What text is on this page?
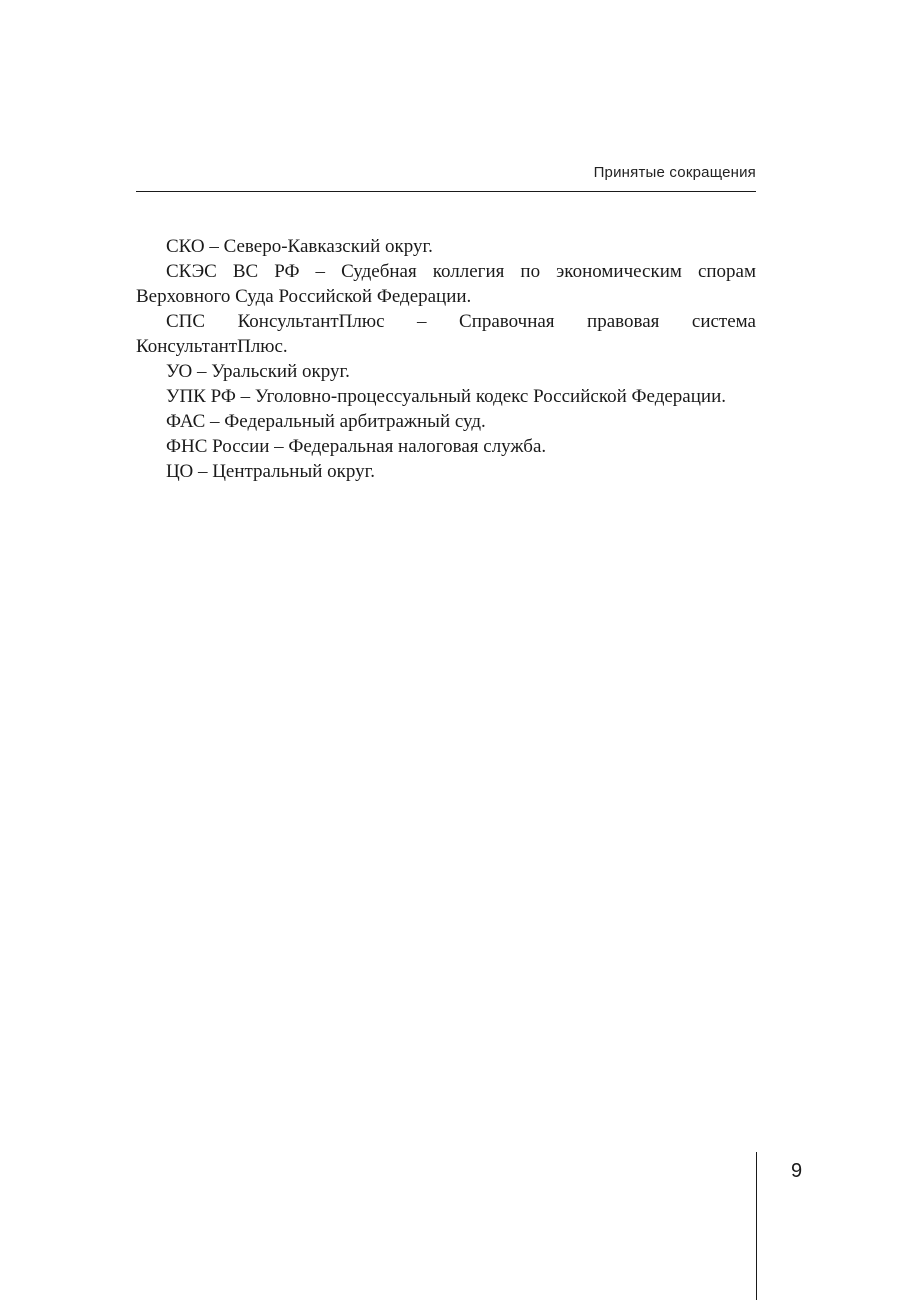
Принятые сокращения

СКО – Северо-Кавказский округ.

СКЭС ВС РФ – Судебная коллегия по экономическим спорам Верховного Суда Российской Федерации.

СПС КонсультантПлюс – Справочная правовая система КонсультантПлюс.

УО – Уральский округ.

УПК РФ – Уголовно-процессуальный кодекс Российской Федерации.

ФАС – Федеральный арбитражный суд.

ФНС России – Федеральная налоговая служба.

ЦО – Центральный округ.

9
